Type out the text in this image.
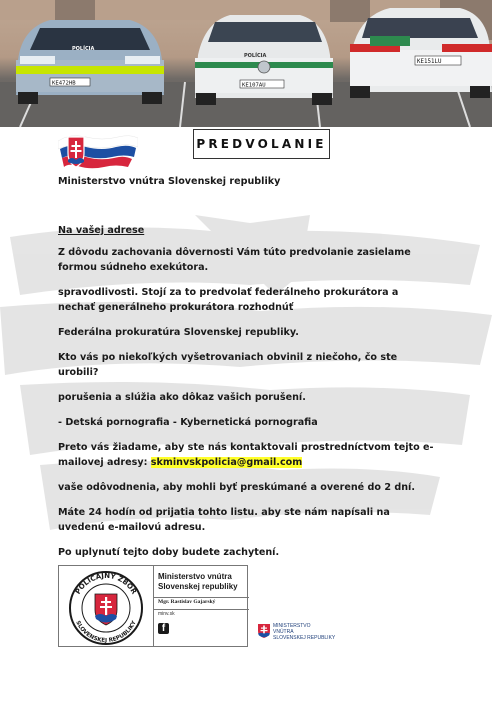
KE472HB
POLÍCIA
KE107AU
POLÍCIA
KE151LU
PREDVOLANIE
Ministerstvo vnútra Slovenskej republiky

Na vašej adrese

Z dôvodu zachovania dôvernosti Vám túto predvolanie zasielame formou súdneho exekútora.

spravodlivosti. Stojí za to predvolať federálneho prokurátora a nechať generálneho prokurátora rozhodnúť

Federálna prokuratúra Slovenskej republiky.

Kto vás po niekoľkých vyšetrovaniach obvinil z niečoho, čo ste urobili?

porušenia a slúžia ako dôkaz vašich porušení.

- Detská pornografia - Kybernetická pornografia

Preto vás žiadame, aby ste nás kontaktovali prostredníctvom tejto e-mailovej adresy: skminvskpolicia@gmail.com

vaše odôvodnenia, aby mohli byť preskúmané a overené do 2 dní.

Máte 24 hodín od prijatia tohto listu. aby ste nám napísali na uvedenú e-mailovú adresu.

Po uplynutí tejto doby budete zachytení.

POLICAJNÝ ZBOR
SLOVENSKEJ REPUBLIKY
Ministerstvo vnútra Slovenskej republiky
Mgr. Rastislav Gajarský
minv.sk
f	MINISTERSTVO
VNÚTRA
SLOVENSKEJ REPUBLIKY
